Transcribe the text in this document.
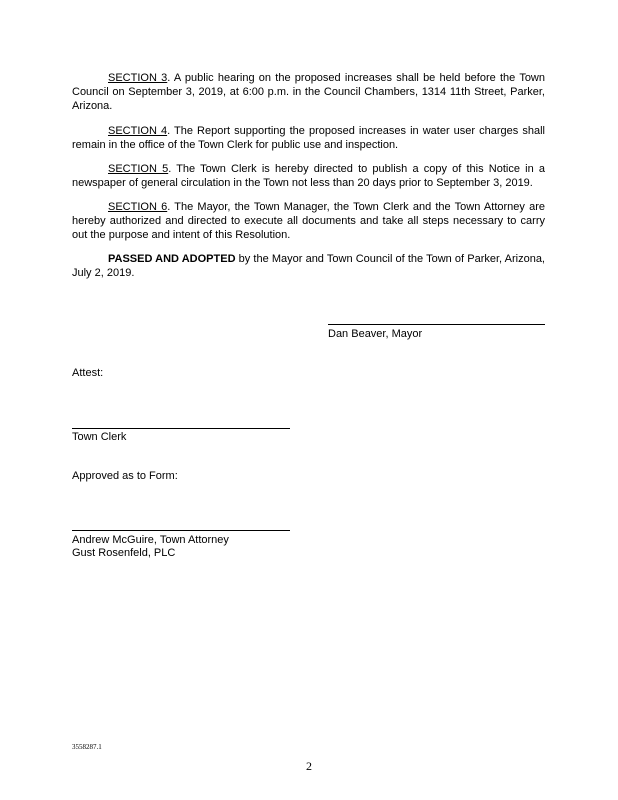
SECTION 3. A public hearing on the proposed increases shall be held before the Town Council on September 3, 2019, at 6:00 p.m. in the Council Chambers, 1314 11th Street, Parker, Arizona.

SECTION 4. The Report supporting the proposed increases in water user charges shall remain in the office of the Town Clerk for public use and inspection.

SECTION 5. The Town Clerk is hereby directed to publish a copy of this Notice in a newspaper of general circulation in the Town not less than 20 days prior to September 3, 2019.

SECTION 6. The Mayor, the Town Manager, the Town Clerk and the Town Attorney are hereby authorized and directed to execute all documents and take all steps necessary to carry out the purpose and intent of this Resolution.

PASSED AND ADOPTED by the Mayor and Town Council of the Town of Parker, Arizona, July 2, 2019.

Dan Beaver, Mayor

Attest:

Town Clerk

Approved as to Form:

Andrew McGuire, Town Attorney

Gust Rosenfeld, PLC

3558287.1
2
